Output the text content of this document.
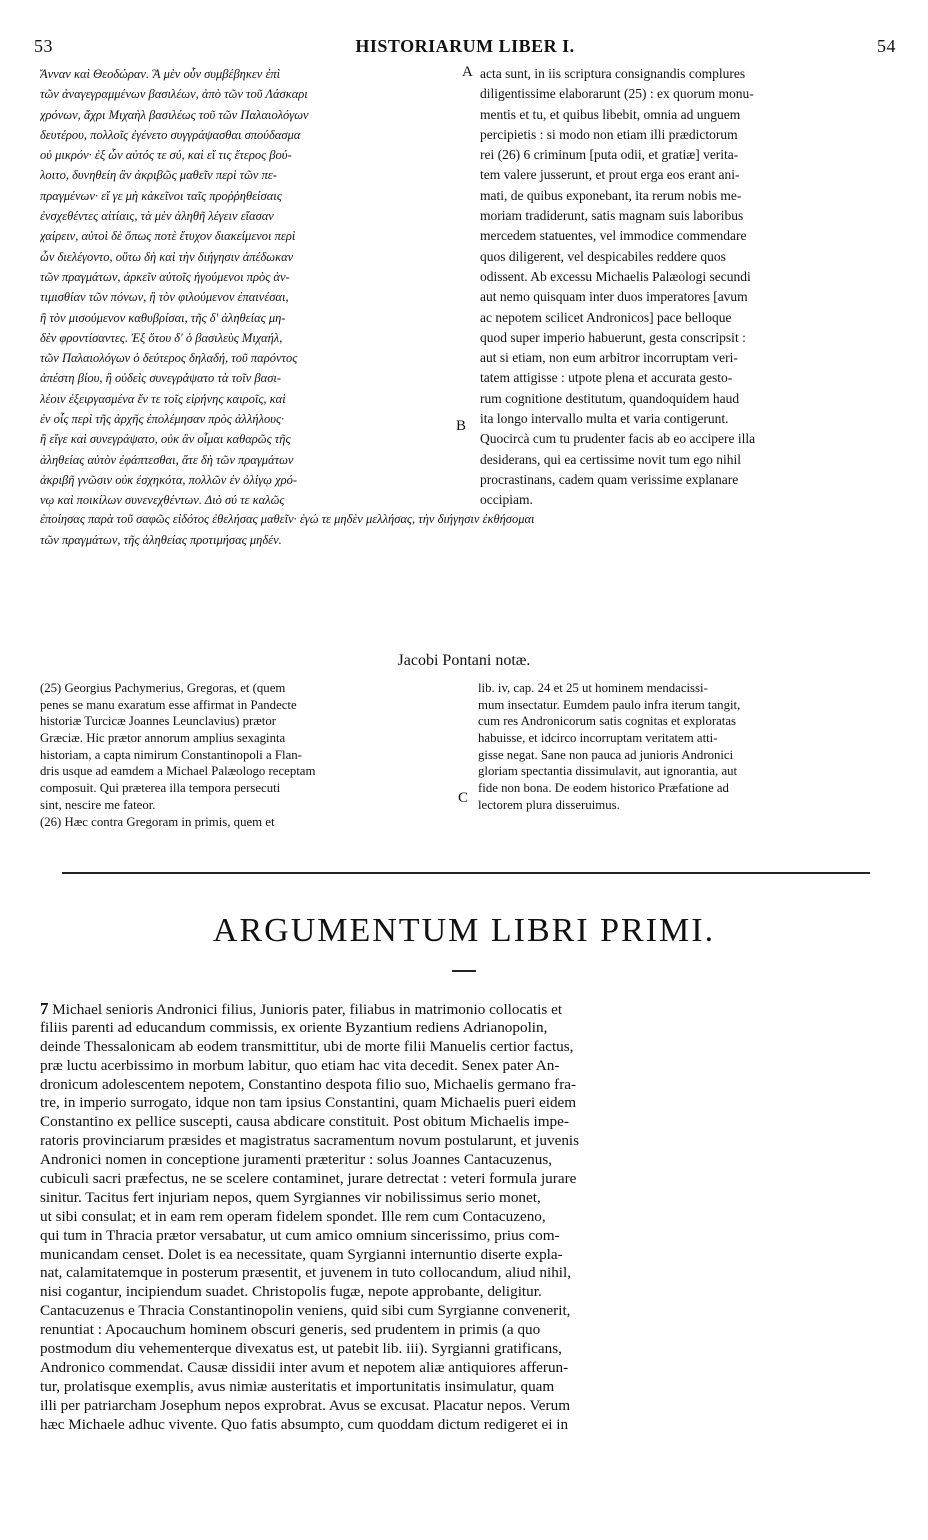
53	HISTORIARUM LIBER I.	54
Ἄνναν καὶ Θεοδώραν. Ἃ μὲν οὖν συμβέβηκεν ἐπὶ
τῶν ἀναγεγραμμένων βασιλέων, ἀπὸ τῶν τοῦ Λάσκαρι
χρόνων, ἄχρι Μιχαὴλ βασιλέως τοῦ τῶν Παλαιολόγων
δευτέρου, πολλοῖς ἐγένετο συγγράψασθαι σπούδασμα
οὐ μικρόν· ἐξ ὧν αὐτός τε σύ, καὶ εἴ τις ἕτερος βού-
λοιτο, δυνηθείη ἂν ἀκριβῶς μαθεῖν περὶ τῶν πε-
πραγμένων· εἴ γε μὴ κἀκεῖνοι ταῖς προῤῥηθείσαις
ἐνσχεθέντες αἰτίαις, τὰ μὲν ἀληθῆ λέγειν εἴασαν
χαίρειν, αὐτοὶ δὲ ὅπως ποτὲ ἔτυχον διακείμενοι περὶ
ὧν διελέγοντο, οὕτω δὴ καὶ τὴν διήγησιν ἀπέδωκαν
τῶν πραγμάτων, ἀρκεῖν αὐτοῖς ἡγούμενοι πρὸς ἀν-
τιμισθίαν τῶν πόνων, ἢ τὸν φιλούμενον ἐπαινέσαι,
ἢ τὸν μισούμενον καθυβρίσαι, τῆς δ' ἀληθείας μη-
δὲν φροντίσαντες. Ἐξ ὅτου δ' ὁ βασιλεὺς Μιχαήλ,
τῶν Παλαιολόγων ὁ δεύτερος δηλαδή, τοῦ παρόντος
ἀπέστη βίου, ἢ οὐδεὶς συνεγράψατο τὰ τοῖν βασι-
λέοιν ἐξειργασμένα ἔν τε τοῖς εἰρήνης καιροῖς, καὶ
ἐν οἷς περὶ τῆς ἀρχῆς ἐπολέμησαν πρὸς ἀλλήλους·
ἢ εἴγε καὶ συνεγράψατο, οὐκ ἂν οἶμαι καθαρῶς τῆς
ἀληθείας αὐτὸν ἐφάπτεσθαι, ἅτε δὴ τῶν πραγμάτων
ἀκριβῆ γνῶσιν οὐκ ἐσχηκότα, πολλῶν ἐν ὀλίγῳ χρό-
νῳ καὶ ποικίλων συνενεχθέντων. Διὸ σύ τε καλῶς
acta sunt, in iis scriptura consignandis complures
diligentissime elaborarunt (25) : ex quorum monu-
mentis et tu, et quibus libebit, omnia ad unguem
percipietis : si modo non etiam illi prædictorum
rei (26) 6 criminum [puta odii, et gratiæ] verita-
tem valere jusserunt, et prout erga eos erant ani-
mati, de quibus exponebant, ita rerum nobis me-
moriam tradiderunt, satis magnam suis laboribus
mercedem statuentes, vel immodice commendare
quos diligerent, vel despicabiles reddere quos
odissent. Ab excessu Michaelis Palæologi secundi
aut nemo quisquam inter duos imperatores [avum
ac nepotem scilicet Andronicos] pace belloque
quod super imperio habuerunt, gesta conscripsit :
aut si etiam, non eum arbitror incorruptam veri-
tatem attigisse : utpote plena et accurata gesto-
rum cognitione destitutum, quandoquidem haud
ita longo intervallo multa et varia contigerunt.
Quocircà cum tu prudenter facis ab eo accipere illa
desiderans, qui ea certissime novit tum ego nihil
procrastinans, cadem quam verissime explanare
occipiam.
A
B
C
ἐποίησας παρὰ τοῦ σαφῶς εἰδότος ἐθελήσας μαθεῖν· ἐγώ τε μηδὲν μελλήσας, τὴν διήγησιν ἐκθήσομαι
τῶν πραγμάτων, τῆς ἀληθείας προτιμήσας μηδέν.
Jacobi Pontani notæ.
(25) Georgius Pachymerius, Gregoras, et (quem
penes se manu exaratum esse affirmat in Pandecte
historiæ Turcicæ Joannes Leunclavius) prætor
Græciæ. Hic prætor annorum amplius sexaginta
historiam, a capta nimirum Constantinopoli a Flan-
dris usque ad eamdem a Michael Palæologo receptam
composuit. Qui præterea illa tempora persecuti
sint, nescire me fateor.
(26) Hæc contra Gregoram in primis, quem et
lib. iv, cap. 24 et 25 ut hominem mendacissi-
mum insectatur. Eumdem paulo infra iterum tangit,
cum res Andronicorum satis cognitas et exploratas
habuisse, et idcirco incorruptam veritatem atti-
gisse negat. Sane non pauca ad junioris Andronici
gloriam spectantia dissimulavit, aut ignorantia, aut
fide non bona. De eodem historico Præfatione ad
lectorem plura disseruimus.
ARGUMENTUM LIBRI PRIMI.
7 Michael senioris Andronici filius, Junioris pater, filiabus in matrimonio collocatis et
filiis parenti ad educandum commissis, ex oriente Byzantium rediens Adrianopolin,
deinde Thessalonicam ab eodem transmittitur, ubi de morte filii Manuelis certior factus,
præ luctu acerbissimo in morbum labitur, quo etiam hac vita decedit. Senex pater An-
dronicum adolescentem nepotem, Constantino despota filio suo, Michaelis germano fra-
tre, in imperio surrogato, idque non tam ipsius Constantini, quam Michaelis pueri eidem
Constantino ex pellice suscepti, causa abdicare constituit. Post obitum Michaelis impe-
ratoris provinciarum præsides et magistratus sacramentum novum postularunt, et juvenis
Andronici nomen in conceptione juramenti præteritur : solus Joannes Cantacuzenus,
cubiculi sacri præfectus, ne se scelere contaminet, jurare detrectat : veteri formula jurare
sinitur. Tacitus fert injuriam nepos, quem Syrgiannes vir nobilissimus serio monet,
ut sibi consulat; et in eam rem operam fidelem spondet. Ille rem cum Contacuzeno,
qui tum in Thracia prætor versabatur, ut cum amico omnium sincerissimo, prius com-
municandam censet. Dolet is ea necessitate, quam Syrgianni internuntio diserte expla-
nat, calamitatemque in posterum præsentit, et juvenem in tuto collocandum, aliud nihil,
nisi cogantur, incipiendum suadet. Christopolis fugæ, nepote approbante, deligitur.
Cantacuzenus e Thracia Constantinopolin veniens, quid sibi cum Syrgianne convenerit,
renuntiat : Apocauchum hominem obscuri generis, sed prudentem in primis (a quo
postmodum diu vehementerque divexatus est, ut patebit lib. iii). Syrgianni gratificans,
Andronico commendat. Causæ dissidii inter avum et nepotem aliæ antiquiores afferun-
tur, prolatisque exemplis, avus nimiæ austeritatis et importunitatis insimulatur, quam
illi per patriarcham Josephum nepos exprobrat. Avus se excusat. Placatur nepos. Verum
hæc Michaele adhuc vivente. Quo fatis absumpto, cum quoddam dictum redigeret ei in
